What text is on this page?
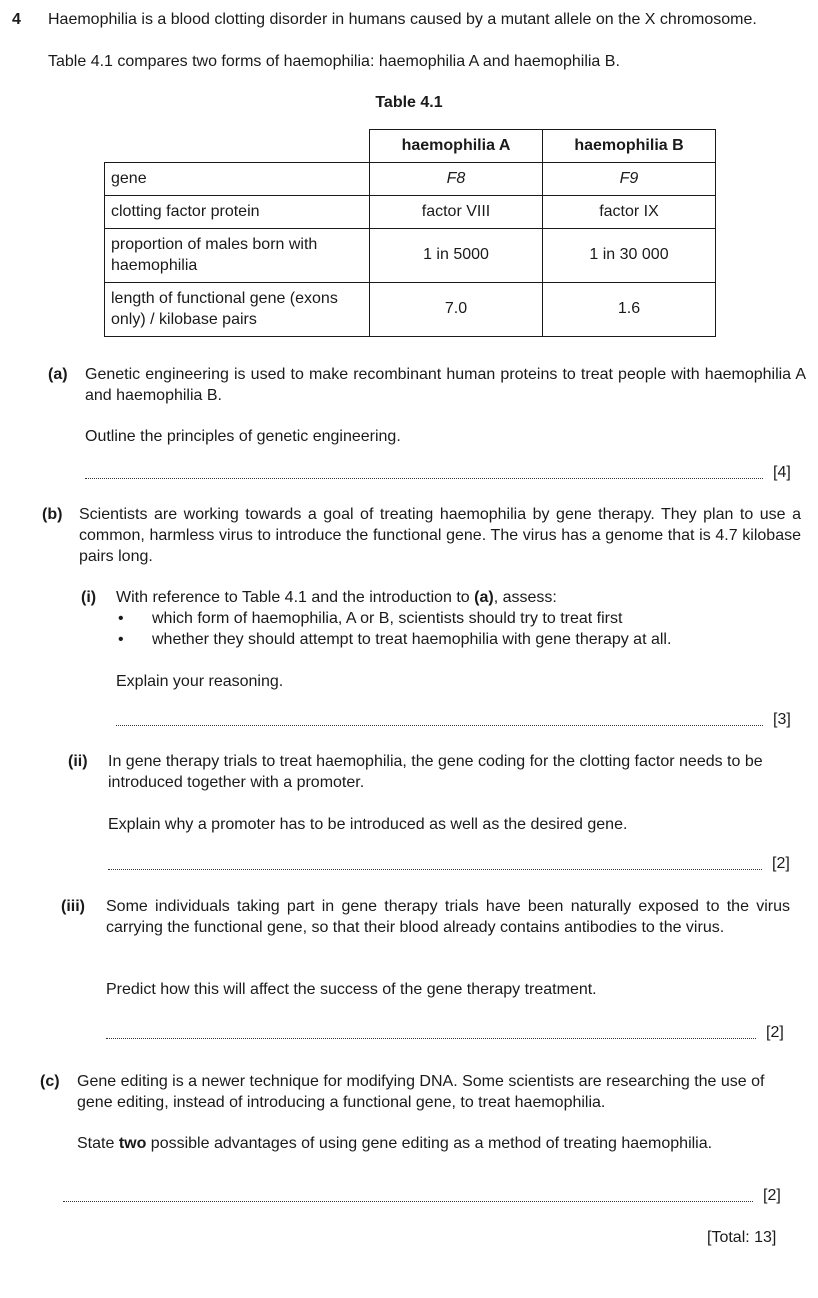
4 Haemophilia is a blood clotting disorder in humans caused by a mutant allele on the X chromosome.
Table 4.1 compares two forms of haemophilia: haemophilia A and haemophilia B.
Table 4.1
	haemophilia A	haemophilia B
gene	F8	F9
clotting factor protein	factor VIII	factor IX
proportion of males born with haemophilia	1 in 5000	1 in 30 000
length of functional gene (exons only) / kilobase pairs	7.0	1.6
(a) Genetic engineering is used to make recombinant human proteins to treat people with haemophilia A and haemophilia B.
Outline the principles of genetic engineering.
[4]
(b) Scientists are working towards a goal of treating haemophilia by gene therapy. They plan to use a common, harmless virus to introduce the functional gene. The virus has a genome that is 4.7 kilobase pairs long.
(i) With reference to Table 4.1 and the introduction to (a), assess:
• which form of haemophilia, A or B, scientists should try to treat first
• whether they should attempt to treat haemophilia with gene therapy at all.
Explain your reasoning.
[3]
(ii) In gene therapy trials to treat haemophilia, the gene coding for the clotting factor needs to be introduced together with a promoter.
Explain why a promoter has to be introduced as well as the desired gene.
[2]
(iii) Some individuals taking part in gene therapy trials have been naturally exposed to the virus carrying the functional gene, so that their blood already contains antibodies to the virus.
Predict how this will affect the success of the gene therapy treatment.
[2]
(c) Gene editing is a newer technique for modifying DNA. Some scientists are researching the use of gene editing, instead of introducing a functional gene, to treat haemophilia.
State two possible advantages of using gene editing as a method of treating haemophilia.
[2]
[Total: 13]
